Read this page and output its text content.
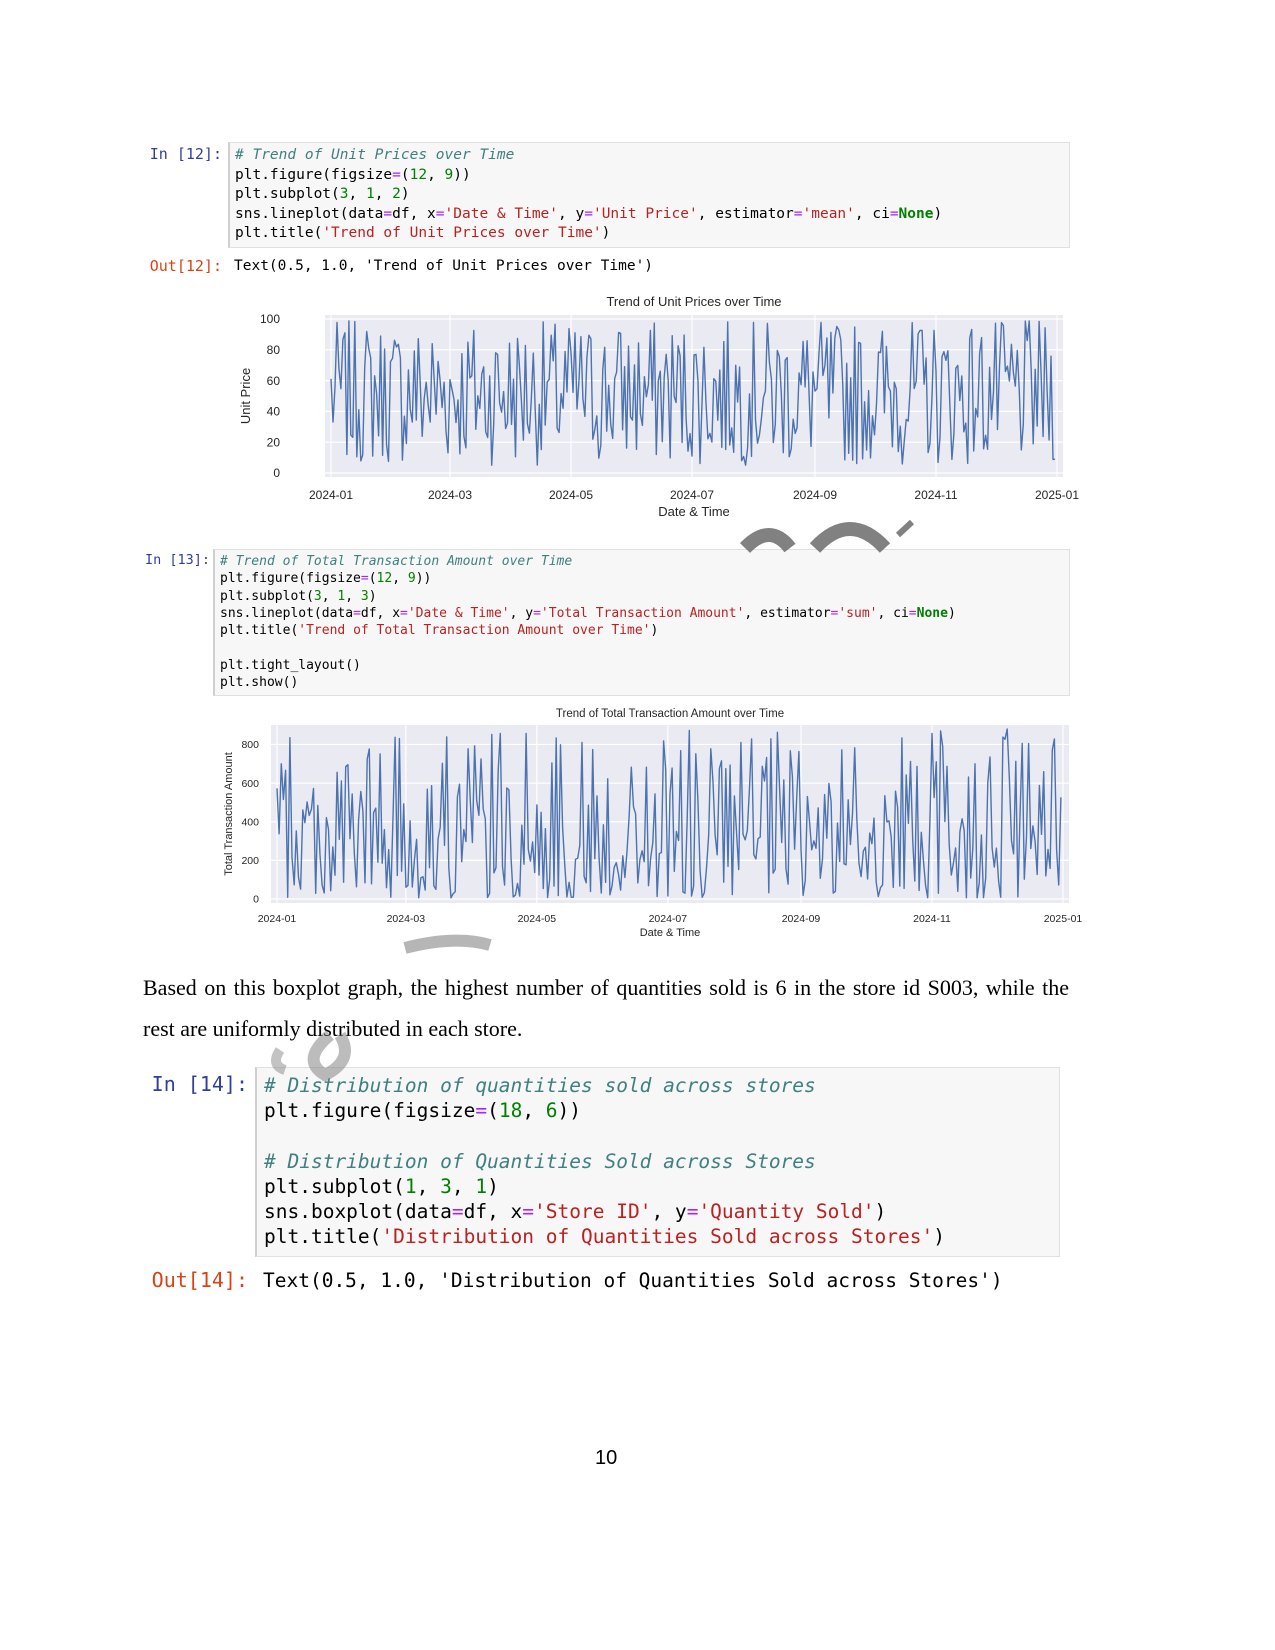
In [12]: # Trend of Unit Prices over Time
plt.figure(figsize=(12, 9))
plt.subplot(3, 1, 2)
sns.lineplot(data=df, x='Date & Time', y='Unit Price', estimator='mean', ci=None)
plt.title('Trend of Unit Prices over Time')
Out[12]: Text(0.5, 1.0, 'Trend of Unit Prices over Time')
Trend of Unit Prices over Time
0
20
40
60
80
100
2024-01	2024-03	2024-05	2024-07	2024-09	2024-11	2025-01
Date & Time
Unit Price
In [13]: # Trend of Total Transaction Amount over Time
plt.figure(figsize=(12, 9))
plt.subplot(3, 1, 3)
sns.lineplot(data=df, x='Date & Time', y='Total Transaction Amount', estimator='sum', ci=None)
plt.title('Trend of Total Transaction Amount over Time')
plt.tight_layout()
plt.show()
Trend of Total Transaction Amount over Time
0
200
400
600
800
2024-01	2024-03	2024-05	2024-07	2024-09	2024-11	2025-01
Date & Time
Total Transaction Amount
Based on this boxplot graph, the highest number of quantities sold is 6 in the store id S003, while the rest are uniformly distributed in each store.
In [14]: # Distribution of quantities sold across stores
plt.figure(figsize=(18, 6))
# Distribution of Quantities Sold across Stores
plt.subplot(1, 3, 1)
sns.boxplot(data=df, x='Store ID', y='Quantity Sold')
plt.title('Distribution of Quantities Sold across Stores')
Out[14]: Text(0.5, 1.0, 'Distribution of Quantities Sold across Stores')
10
